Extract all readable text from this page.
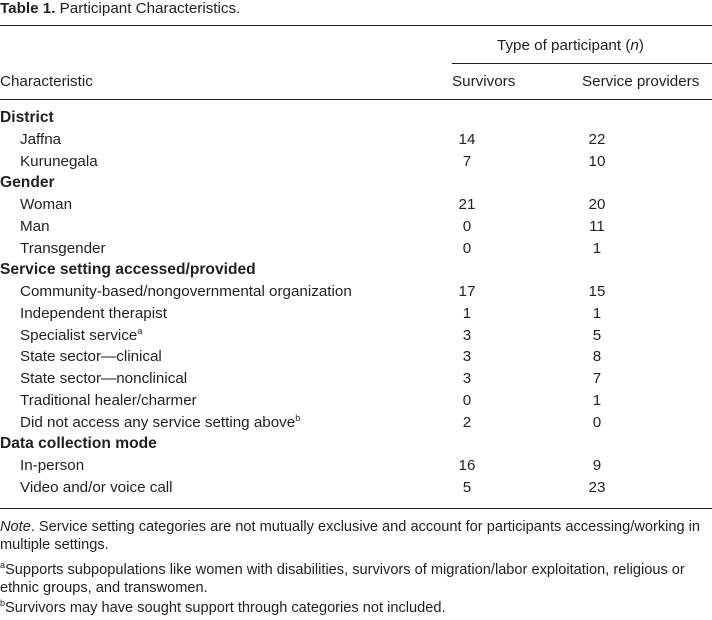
Table 1. Participant Characteristics.
Type of participant (n)
Characteristic	Survivors	Service providers
District
Jaffna	14	22
Kurunegala	7	10
Gender
Woman	21	20
Man	0	11
Transgender	0	1
Service setting accessed/provided
Community-based/nongovernmental organization	17	15
Independent therapist	1	1
Specialist service$^a$	3	5
State sector—clinical	3	8
State sector—nonclinical	3	7
Traditional healer/charmer	0	1
Did not access any service setting above$^b$	2	0
Data collection mode
In-person	16	9
Video and/or voice call	5	23
Note. Service setting categories are not mutually exclusive and account for participants accessing/working in multiple settings.
$^a$Supports subpopulations like women with disabilities, survivors of migration/labor exploitation, religious or ethnic groups, and transwomen.
$^b$Survivors may have sought support through categories not included.
